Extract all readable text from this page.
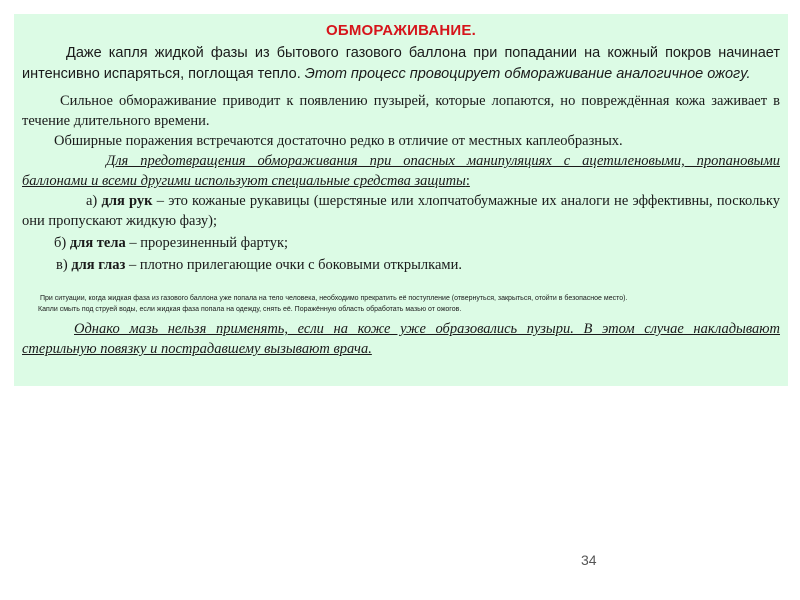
ОБМОРАЖИВАНИЕ.

Даже капля жидкой фазы из бытового газового баллона при попадании на кожный покров начинает интенсивно испаряться, поглощая тепло. Этот процесс провоцирует обмораживание аналогичное ожогу.

Сильное обмораживание приводит к появлению пузырей, которые лопаются, но повреждённая кожа заживает в течение длительного времени.

Обширные поражения встречаются достаточно редко в отличие от местных каплеобразных.

Для предотвращения обмораживания при опасных манипуляциях с ацетиленовыми, пропановыми баллонами и всеми другими используют специальные средства защиты:

а) для рук – это кожаные рукавицы (шерстяные или хлопчатобумажные их аналоги не эффективны, поскольку они пропускают жидкую фазу);

б) для тела – прорезиненный фартук;

в) для глаз – плотно прилегающие очки с боковыми открылками.

При ситуации, когда жидкая фаза из газового баллона уже попала на тело человека, необходимо прекратить её поступление (отвернуться, закрыться, отойти в безопасное место).

Капли смыть под струей воды, если жидкая фаза попала на одежду, снять её. Поражённую область обработать мазью от ожогов.

Однако мазь нельзя применять, если на коже уже образовались пузыри. В этом случае накладывают стерильную повязку и пострадавшему вызывают врача.

34
